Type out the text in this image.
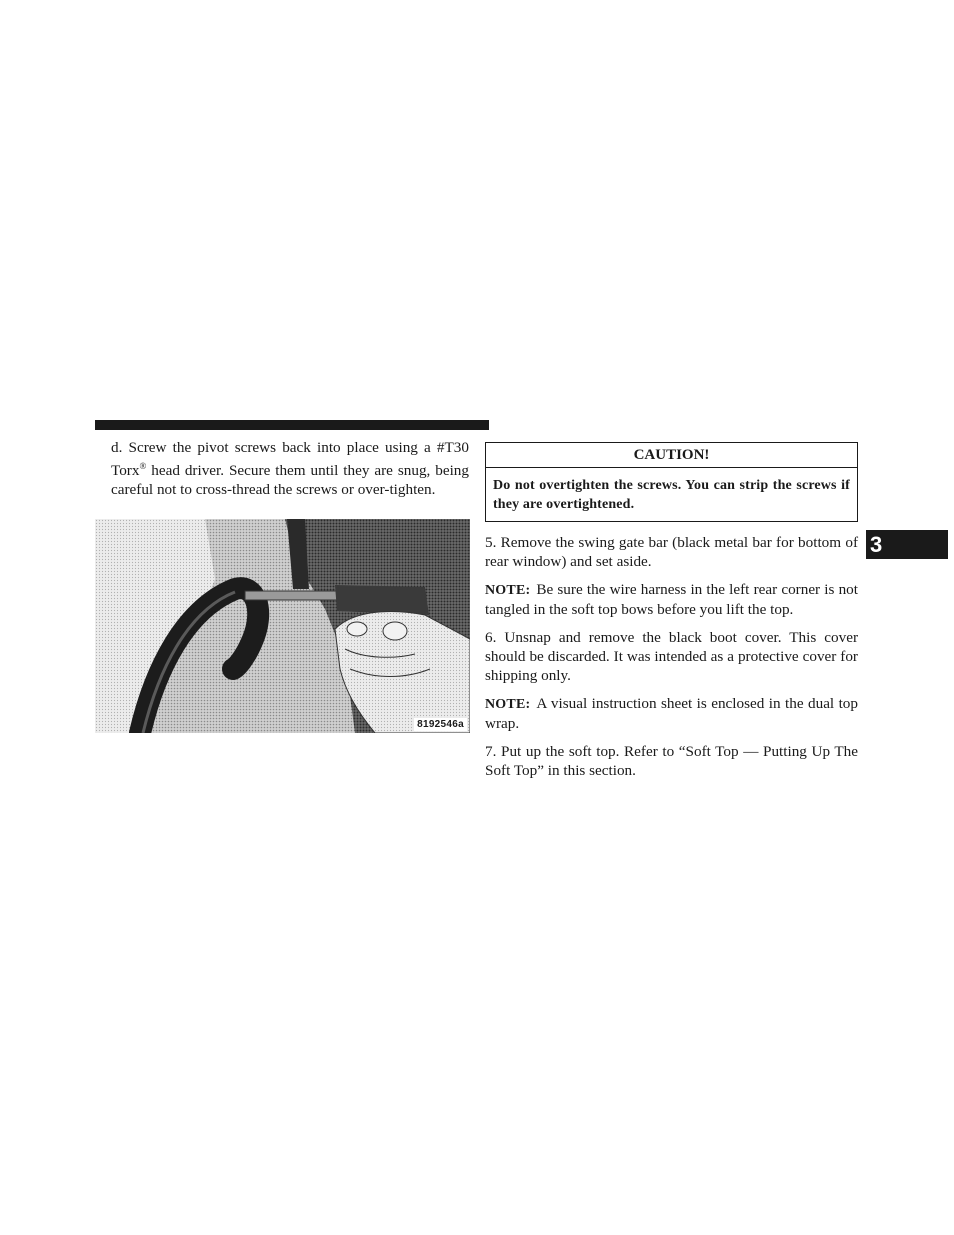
d. Screw the pivot screws back into place using a #T30 Torx® head driver. Secure them until they are snug, being careful not to cross-thread the screws or over-tighten.

8192546a
CAUTION!
Do not overtighten the screws. You can strip the screws if they are overtightened.

5. Remove the swing gate bar (black metal bar for bottom of rear window) and set aside.

NOTE: Be sure the wire harness in the left rear corner is not tangled in the soft top bows before you lift the top.

6. Unsnap and remove the black boot cover. This cover should be discarded. It was intended as a protective cover for shipping only.

NOTE: A visual instruction sheet is enclosed in the dual top wrap.

7. Put up the soft top. Refer to “Soft Top — Putting Up The Soft Top” in this section.

3
